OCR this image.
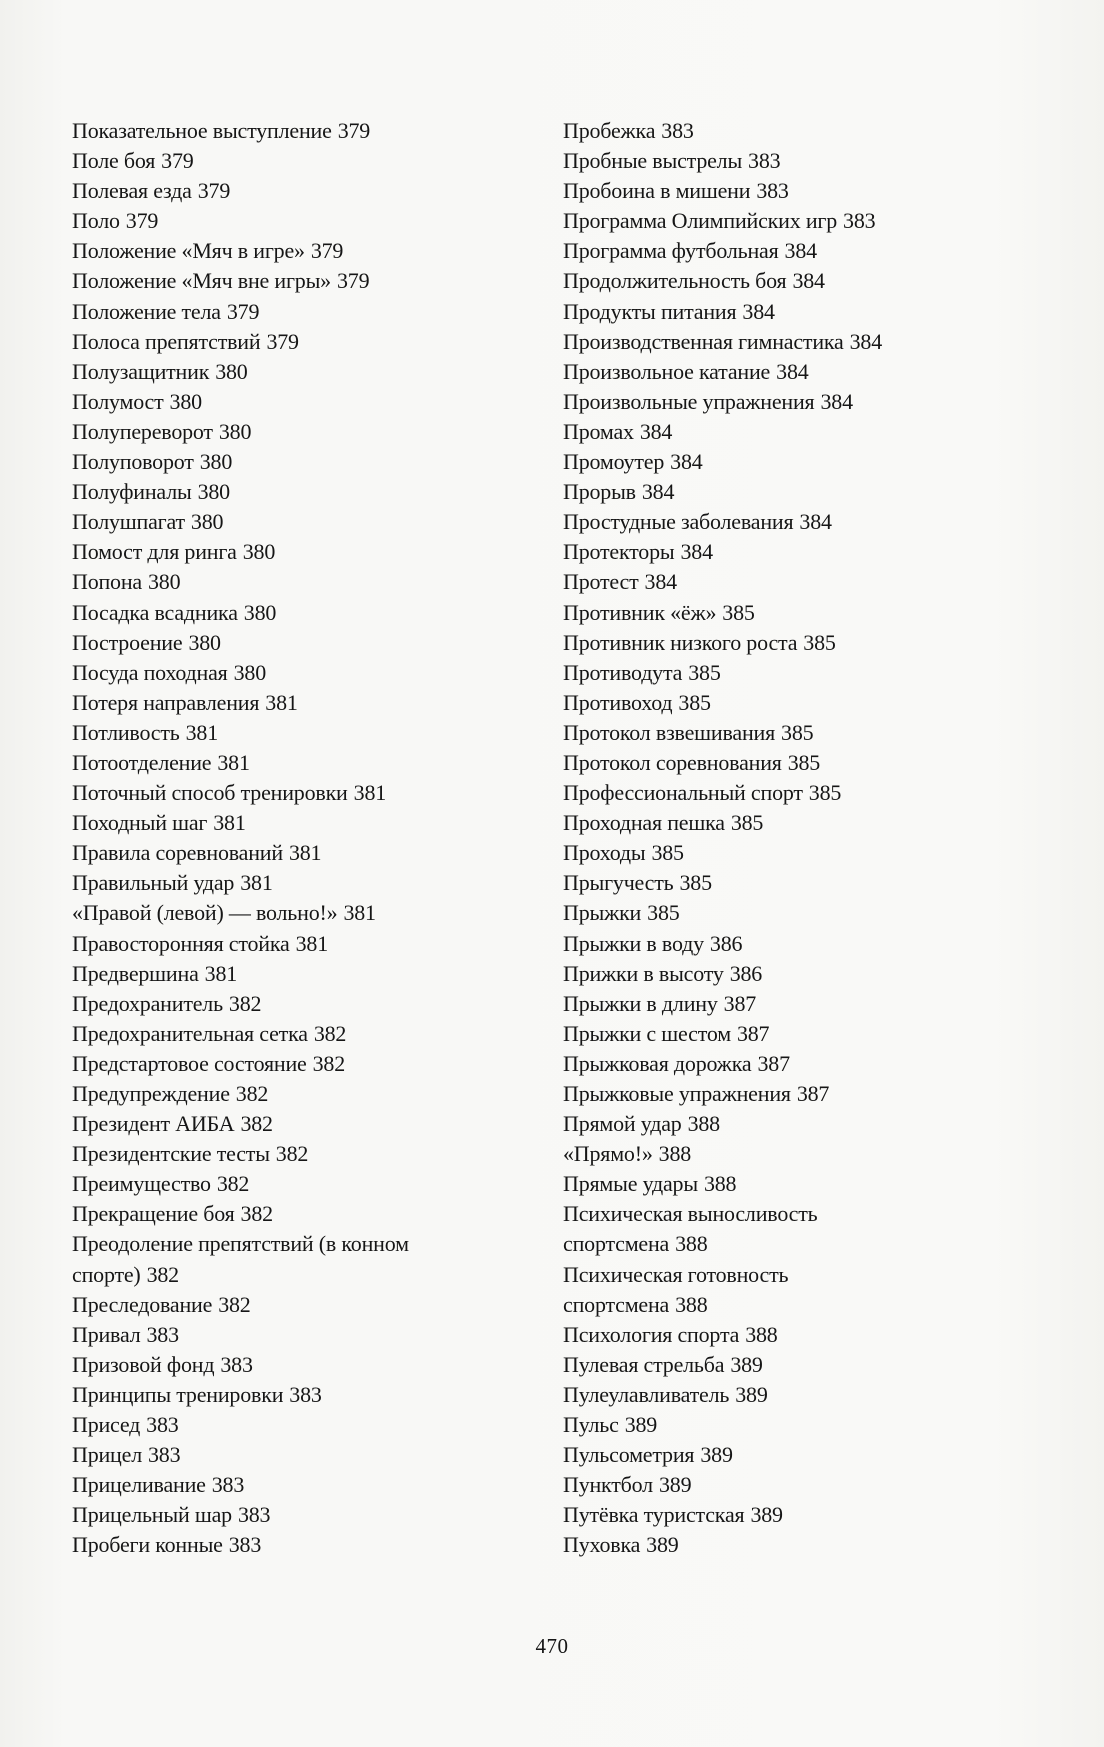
Показательное выступление 379
Поле боя 379
Полевая езда 379
Поло 379
Положение «Мяч в игре» 379
Положение «Мяч вне игры» 379
Положение тела 379
Полоса препятствий 379
Полузащитник 380
Полумост 380
Полупереворот 380
Полуповорот 380
Полуфиналы 380
Полушпагат 380
Помост для ринга 380
Попона 380
Посадка всадника 380
Построение 380
Посуда походная 380
Потеря направления 381
Потливость 381
Потоотделение 381
Поточный способ тренировки 381
Походный шаг 381
Правила соревнований 381
Правильный удар 381
«Правой (левой) — вольно!» 381
Правосторонняя стойка 381
Предвершина 381
Предохранитель 382
Предохранительная сетка 382
Предстартовое состояние 382
Предупреждение 382
Президент АИБА 382
Президентские тесты 382
Преимущество 382
Прекращение боя 382
Преодоление препятствий (в конном
спорте) 382
Преследование 382
Привал 383
Призовой фонд 383
Принципы тренировки 383
Присед 383
Прицел 383
Прицеливание 383
Прицельный шар 383
Пробеги конные 383
Пробежка 383
Пробные выстрелы 383
Пробоина в мишени 383
Программа Олимпийских игр 383
Программа футбольная 384
Продолжительность боя 384
Продукты питания 384
Производственная гимнастика 384
Произвольное катание 384
Произвольные упражнения 384
Промах 384
Промоутер 384
Прорыв 384
Простудные заболевания 384
Протекторы 384
Протест 384
Противник «ёж» 385
Противник низкого роста 385
Противодута 385
Противоход 385
Протокол взвешивания 385
Протокол соревнования 385
Профессиональный спорт 385
Проходная пешка 385
Проходы 385
Прыгучесть 385
Прыжки 385
Прыжки в воду 386
Прижки в высоту 386
Прыжки в длину 387
Прыжки с шестом 387
Прыжковая дорожка 387
Прыжковые упражнения 387
Прямой удар 388
«Прямо!» 388
Прямые удары 388
Психическая выносливость
спортсмена 388
Психическая готовность
спортсмена 388
Психология спорта 388
Пулевая стрельба 389
Пулеулавливатель 389
Пульс 389
Пульсометрия 389
Пунктбол 389
Путёвка туристская 389
Пуховка 389
470
